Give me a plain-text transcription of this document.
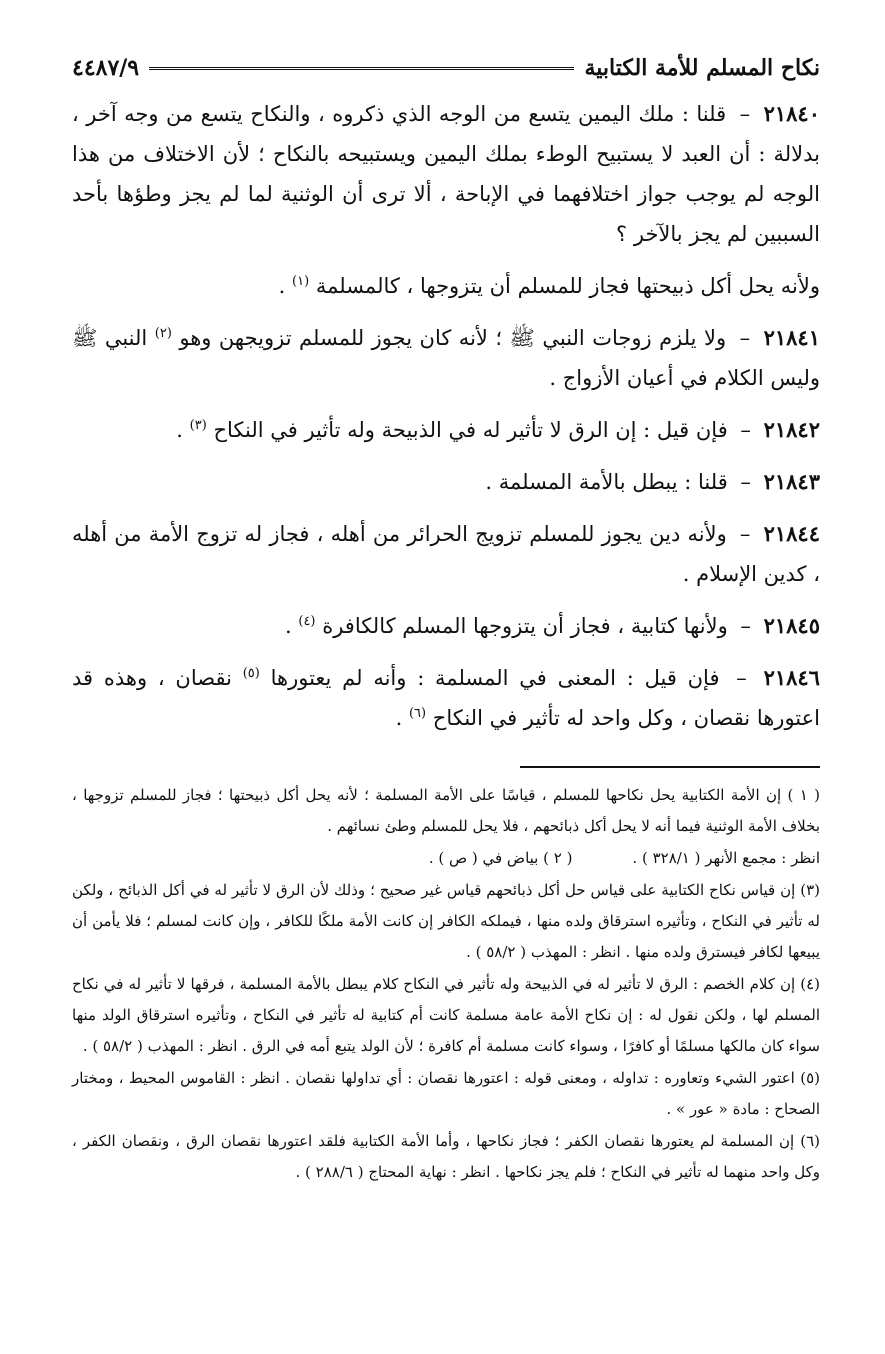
نكاح المسلم للأمة الكتابية
٤٤٨٧/٩

٢١٨٤٠ – قلنا : ملك اليمين يتسع من الوجه الذي ذكروه ، والنكاح يتسع من وجه آخر ، بدلالة : أن العبد لا يستبيح الوطء بملك اليمين ويستبيحه بالنكاح ؛ لأن الاختلاف من هذا الوجه لم يوجب جواز اختلافهما في الإباحة ، ألا ترى أن الوثنية لما لم يجز وطؤها بأحد السببين لم يجز بالآخر ؟

ولأنه يحل أكل ذبيحتها فجاز للمسلم أن يتزوجها ، كالمسلمة $^{(١)}$ .

٢١٨٤١ – ولا يلزم زوجات النبي ﷺ ؛ لأنه كان يجوز للمسلم تزويجهن وهو $^{(٢)}$ النبي ﷺ وليس الكلام في أعيان الأزواج .

٢١٨٤٢ – فإن قيل : إن الرق لا تأثير له في الذبيحة وله تأثير في النكاح $^{(٣)}$ .

٢١٨٤٣ – قلنا : يبطل بالأمة المسلمة .

٢١٨٤٤ – ولأنه دين يجوز للمسلم تزويج الحرائر من أهله ، فجاز له تزوج الأمة من أهله ، كدين الإسلام .

٢١٨٤٥ – ولأنها كتابية ، فجاز أن يتزوجها المسلم كالكافرة $^{(٤)}$ .

٢١٨٤٦ – فإن قيل : المعنى في المسلمة : وأنه لم يعتورها $^{(٥)}$ نقصان ، وهذه قد اعتورها نقصان ، وكل واحد له تأثير في النكاح $^{(٦)}$ .

( ١ ) إن الأمة الكتابية يحل نكاحها للمسلم ، قياسًا على الأمة المسلمة ؛ لأنه يحل أكل ذبيحتها ؛ فجاز للمسلم تزوجها ، بخلاف الأمة الوثنية فيما أنه لا يحل أكل ذبائحهم ، فلا يحل للمسلم وطئ نسائهم .

انظر : مجمع الأنهر ( ٣٢٨/١ ) .
( ٢ ) بياض في ( ص ) .

(٣) إن قياس نكاح الكتابية على قياس حل أكل ذبائحهم قياس غير صحيح ؛ وذلك لأن الرق لا تأثير له في أكل الذبائح ، ولكن له تأثير في النكاح ، وتأثيره استرقاق ولده منها ، فيملكه الكافر إن كانت الأمة ملكًا للكافر ، وإن كانت لمسلم ؛ فلا يأمن أن يبيعها لكافر فيسترق ولده منها . انظر : المهذب ( ٥٨/٢ ) .

(٤) إن كلام الخصم : الرق لا تأثير له في الذبيحة وله تأثير في النكاح كلام يبطل بالأمة المسلمة ، فرقها لا تأثير له في نكاح المسلم لها ، ولكن نقول له : إن نكاح الأمة عامة مسلمة كانت أم كتابية له تأثير في النكاح ، وتأثيره استرقاق الولد منها سواء كان مالكها مسلمًا أو كافرًا ، وسواء كانت مسلمة أم كافرة ؛ لأن الولد يتبع أمه في الرق . انظر : المهذب ( ٥٨/٢ ) .

(٥) اعتور الشيء وتعاوره : تداوله ، ومعنى قوله : اعتورها نقصان : أي تداولها نقصان . انظر : القاموس المحيط ، ومختار الصحاح : مادة « عور » .

(٦) إن المسلمة لم يعتورها نقصان الكفر ؛ فجاز نكاحها ، وأما الأمة الكتابية فلقد اعتورها نقصان الرق ، ونقصان الكفر ، وكل واحد منهما له تأثير في النكاح ؛ فلم يجز نكاحها . انظر : نهاية المحتاج ( ٢٨٨/٦ ) .
